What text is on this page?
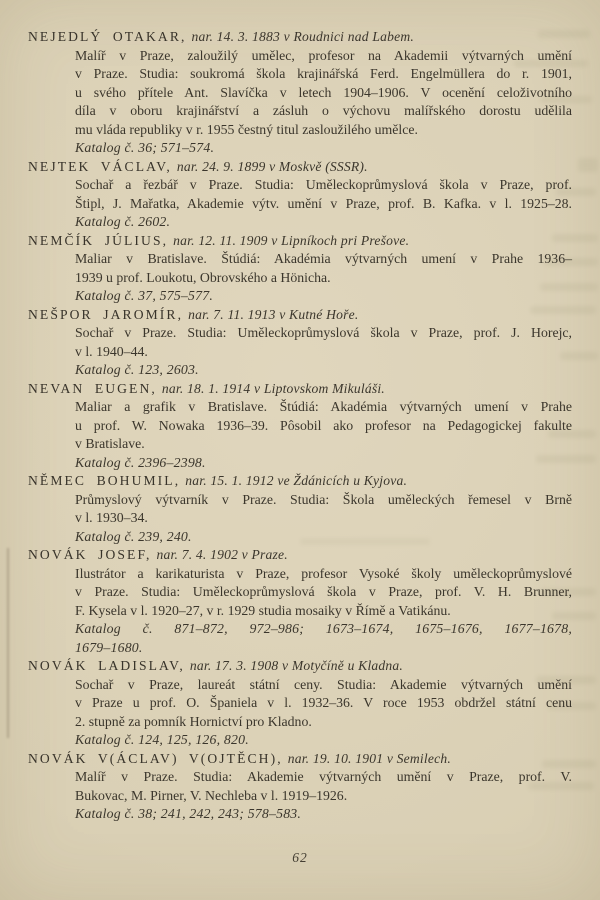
NEJEDLÝ OTAKAR, nar. 14. 3. 1883 v Roudnici nad Labem.
Malíř v Praze, zaloužilý umělec, profesor na Akademii výtvarných umění
v Praze. Studia: soukromá škola krajinářská Ferd. Engelmüllera do r. 1901,
u svého přítele Ant. Slavíčka v letech 1904–1906. V ocenění celoživotního
díla v oboru krajinářství a zásluh o výchovu malířského dorostu udělila
mu vláda republiky v r. 1955 čestný titul zasloužilého umělce.
Katalog č. 36; 571–574.
NEJTEK VÁCLAV, nar. 24. 9. 1899 v Moskvě (SSSR).
Sochař a řezbář v Praze. Studia: Uměleckoprůmyslová škola v Praze, prof.
Štipl, J. Mařatka, Akademie výtv. umění v Praze, prof. B. Kafka. v l. 1925–28.
Katalog č. 2602.
NEMČÍK JÚLIUS, nar. 12. 11. 1909 v Lipníkoch pri Prešove.
Maliar v Bratislave. Štúdiá: Akadémia výtvarných umení v Prahe 1936–
1939 u prof. Loukotu, Obrovského a Hönicha.
Katalog č. 37, 575–577.
NEŠPOR JAROMÍR, nar. 7. 11. 1913 v Kutné Hoře.
Sochař v Praze. Studia: Uměleckoprůmyslová škola v Praze, prof. J. Horejc,
v l. 1940–44.
Katalog č. 123, 2603.
NEVAN EUGEN, nar. 18. 1. 1914 v Liptovskom Mikuláši.
Maliar a grafik v Bratislave. Štúdiá: Akadémia výtvarných umení v Prahe
u prof. W. Nowaka 1936–39. Pôsobil ako profesor na Pedagogickej fakulte
v Bratislave.
Katalog č. 2396–2398.
NĚMEC BOHUMIL, nar. 15. 1. 1912 ve Ždánicích u Kyjova.
Průmyslový výtvarník v Praze. Studia: Škola uměleckých řemesel v Brně
v l. 1930–34.
Katalog č. 239, 240.
NOVÁK JOSEF, nar. 7. 4. 1902 v Praze.
Ilustrátor a karikaturista v Praze, profesor Vysoké školy uměleckoprůmyslové
v Praze. Studia: Uměleckoprůmyslová škola v Praze, prof. V. H. Brunner,
F. Kysela v l. 1920–27, v r. 1929 studia mosaiky v Římě a Vatikánu.
Katalog č. 871–872, 972–986; 1673–1674, 1675–1676, 1677–1678,
1679–1680.
NOVÁK LADISLAV, nar. 17. 3. 1908 v Motyčíně u Kladna.
Sochař v Praze, laureát státní ceny. Studia: Akademie výtvarných umění
v Praze u prof. O. Španiela v l. 1932–36. V roce 1953 obdržel státní cenu
2. stupně za pomník Hornictví pro Kladno.
Katalog č. 124, 125, 126, 820.
NOVÁK V(ÁCLAV) V(OJTĚCH), nar. 19. 10. 1901 v Semilech.
Malíř v Praze. Studia: Akademie výtvarných umění v Praze, prof. V.
Bukovac, M. Pirner, V. Nechleba v l. 1919–1926.
Katalog č. 38; 241, 242, 243; 578–583.
62
